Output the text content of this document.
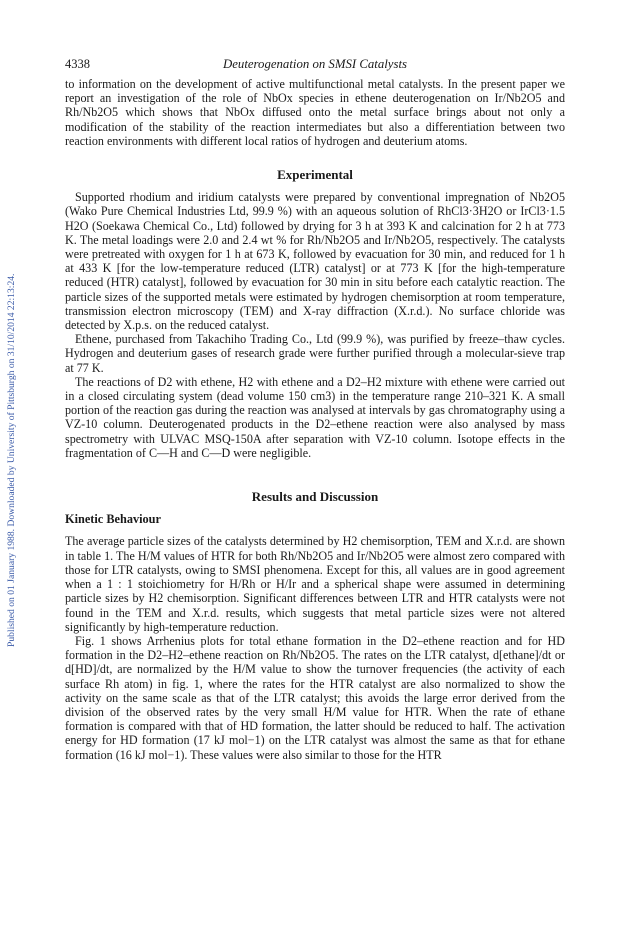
Published on 01 January 1988. Downloaded by University of Pittsburgh on 31/10/2014 22:13:24.
4338	Deuterogenation on SMSI Catalysts

to information on the development of active multifunctional metal catalysts. In the present paper we report an investigation of the role of NbOx species in ethene deuterogenation on Ir/Nb2O5 and Rh/Nb2O5 which shows that NbOx diffused onto the metal surface brings about not only a modification of the stability of the reaction intermediates but also a differentiation between two reaction environments with different local ratios of hydrogen and deuterium atoms.

Experimental

Supported rhodium and iridium catalysts were prepared by conventional impregnation of Nb2O5 (Wako Pure Chemical Industries Ltd, 99.9 %) with an aqueous solution of RhCl3·3H2O or IrCl3·1.5 H2O (Soekawa Chemical Co., Ltd) followed by drying for 3 h at 393 K and calcination for 2 h at 773 K. The metal loadings were 2.0 and 2.4 wt % for Rh/Nb2O5 and Ir/Nb2O5, respectively. The catalysts were pretreated with oxygen for 1 h at 673 K, followed by evacuation for 30 min, and reduced for 1 h at 433 K [for the low-temperature reduced (LTR) catalyst] or at 773 K [for the high-temperature reduced (HTR) catalyst], followed by evacuation for 30 min in situ before each catalytic reaction. The particle sizes of the supported metals were estimated by hydrogen chemisorption at room temperature, transmission electron microscopy (TEM) and X-ray diffraction (X.r.d.). No surface chloride was detected by X.p.s. on the reduced catalyst.

Ethene, purchased from Takachiho Trading Co., Ltd (99.9 %), was purified by freeze–thaw cycles. Hydrogen and deuterium gases of research grade were further purified through a molecular-sieve trap at 77 K.

The reactions of D2 with ethene, H2 with ethene and a D2–H2 mixture with ethene were carried out in a closed circulating system (dead volume 150 cm3) in the temperature range 210–321 K. A small portion of the reaction gas during the reaction was analysed at intervals by gas chromatography using a VZ-10 column. Deuterogenated products in the D2–ethene reaction were also analysed by mass spectrometry with ULVAC MSQ-150A after separation with VZ-10 column. Isotope effects in the fragmentation of C—H and C—D were negligible.

Results and Discussion
Kinetic Behaviour

The average particle sizes of the catalysts determined by H2 chemisorption, TEM and X.r.d. are shown in table 1. The H/M values of HTR for both Rh/Nb2O5 and Ir/Nb2O5 were almost zero compared with those for LTR catalysts, owing to SMSI phenomena. Except for this, all values are in good agreement when a 1 : 1 stoichiometry for H/Rh or H/Ir and a spherical shape were assumed in determining particle sizes by H2 chemisorption. Significant differences between LTR and HTR catalysts were not found in the TEM and X.r.d. results, which suggests that metal particle sizes were not altered significantly by high-temperature reduction.

Fig. 1 shows Arrhenius plots for total ethane formation in the D2–ethene reaction and for HD formation in the D2–H2–ethene reaction on Rh/Nb2O5. The rates on the LTR catalyst, d[ethane]/dt or d[HD]/dt, are normalized by the H/M value to show the turnover frequencies (the activity of each surface Rh atom) in fig. 1, where the rates for the HTR catalyst are also normalized to show the activity on the same scale as that of the LTR catalyst; this avoids the large error derived from the division of the observed rates by the very small H/M value for HTR. When the rate of ethane formation is compared with that of HD formation, the latter should be reduced to half. The activation energy for HD formation (17 kJ mol−1) on the LTR catalyst was almost the same as that for ethane formation (16 kJ mol−1). These values were also similar to those for the HTR
